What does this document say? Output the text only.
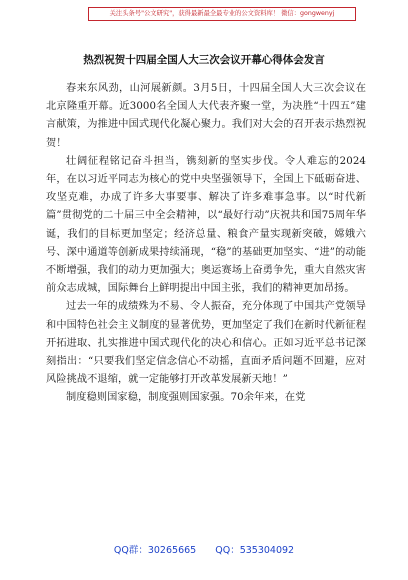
关注头条号"公文研究"，获得最新最全最专业的公文资料库！ 微信：gongwenyj
热烈祝贺十四届全国人大三次会议开幕心得体会发言

春来东风劲，山河展新颜。3月5日，十四届全国人大三次会议在北京隆重开幕。近3000名全国人大代表齐聚一堂，为决胜“十四五”建言献策，为推进中国式现代化凝心聚力。我们对大会的召开表示热烈祝贺！

壮阔征程铭记奋斗担当，镌刻新的坚实步伐。令人难忘的2024年，在以习近平同志为核心的党中央坚强领导下，全国上下砥砺奋进、攻坚克难，办成了许多大事要事、解决了许多难事急事。以“时代新篇”贯彻党的二十届三中全会精神，以“最好行动”庆祝共和国75周年华诞，我们的目标更加坚定；经济总量、粮食产量实现新突破，嫦娥六号、深中通道等创新成果持续涌现，“稳”的基础更加坚实、“进”的动能不断增强，我们的动力更加强大；奥运赛场上奋勇争先，重大自然灾害前众志成城，国际舞台上鲜明提出中国主张，我们的精神更加昂扬。

过去一年的成绩殊为不易、令人振奋，充分体现了中国共产党领导和中国特色社会主义制度的显著优势，更加坚定了我们在新时代新征程开拓进取、扎实推进中国式现代化的决心和信心。正如习近平总书记深刻指出：“只要我们坚定信念信心不动摇，直面矛盾问题不回避，应对风险挑战不退缩，就一定能够打开改革发展新天地！”

制度稳则国家稳，制度强则国家强。70余年来，在党

QQ群：30265665 QQ：535304092
